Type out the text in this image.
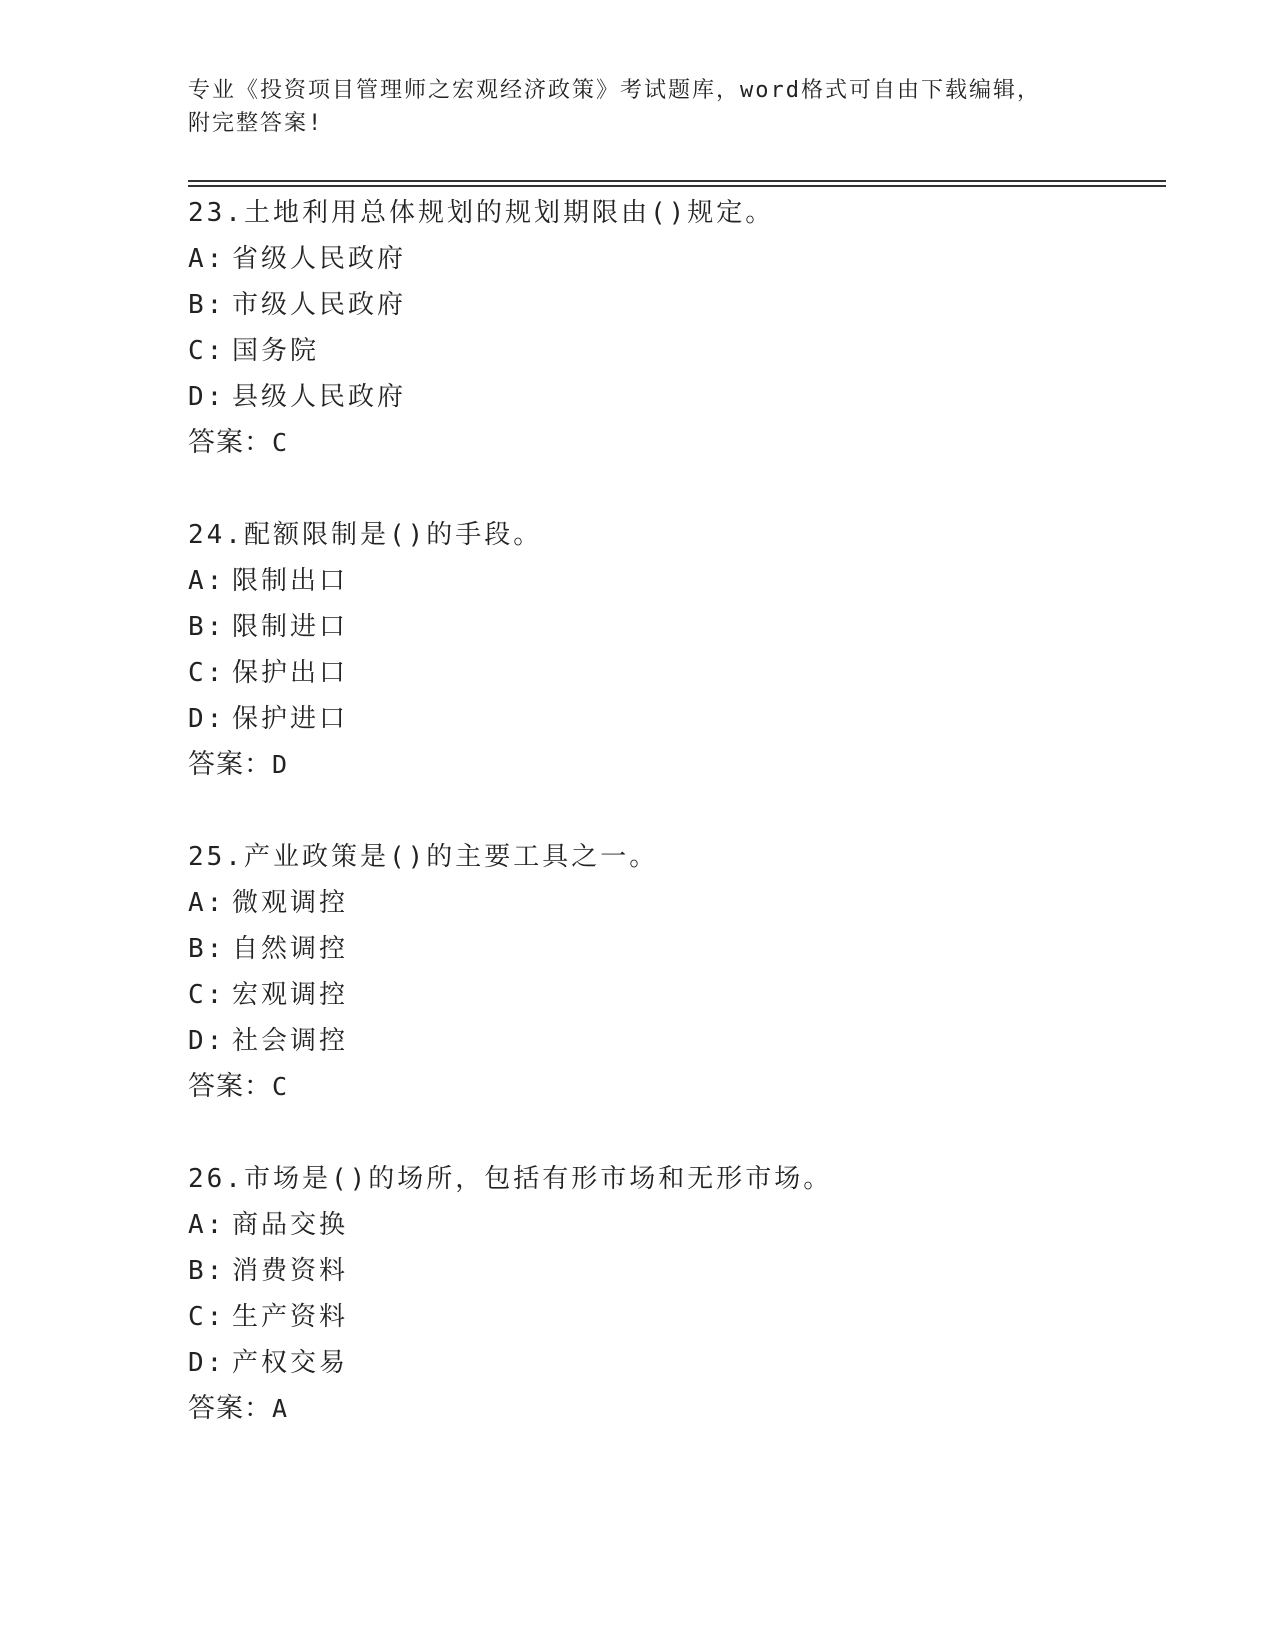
专业《投资项目管理师之宏观经济政策》考试题库，word格式可自由下载编辑，
附完整答案!
23.土地利用总体规划的规划期限由()规定。
A: 省级人民政府
B: 市级人民政府
C: 国务院
D: 县级人民政府
答案：C
24.配额限制是()的手段。
A: 限制出口
B: 限制进口
C: 保护出口
D: 保护进口
答案：D
25.产业政策是()的主要工具之一。
A: 微观调控
B: 自然调控
C: 宏观调控
D: 社会调控
答案：C
26.市场是()的场所，包括有形市场和无形市场。
A: 商品交换
B: 消费资料
C: 生产资料
D: 产权交易
答案：A
